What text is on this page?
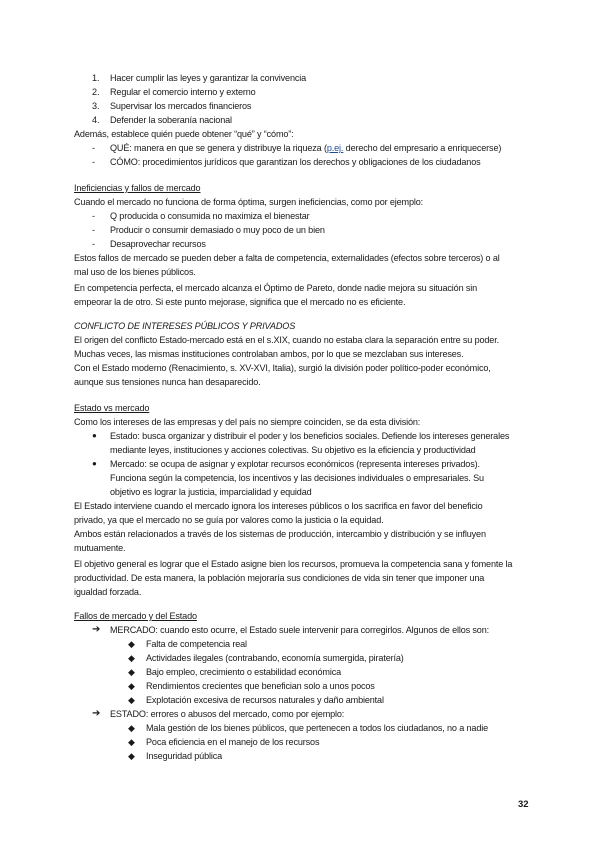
1. Hacer cumplir las leyes y garantizar la convivencia
2. Regular el comercio interno y externo
3. Supervisar los mercados financieros
4. Defender la soberanía nacional
Además, establece quién puede obtener “qué” y “cómo”:
- QUÉ: manera en que se genera y distribuye la riqueza (p.ej. derecho del empresario a enriquecerse)
- CÓMO: procedimientos jurídicos que garantizan los derechos y obligaciones de los ciudadanos
Ineficiencias y fallos de mercado
Cuando el mercado no funciona de forma óptima, surgen ineficiencias, como por ejemplo:
- Q producida o consumida no maximiza el bienestar
- Producir o consumir demasiado o muy poco de un bien
- Desaprovechar recursos
Estos fallos de mercado se pueden deber a falta de competencia, externalidades (efectos sobre terceros) o al
mal uso de los bienes públicos.
En competencia perfecta, el mercado alcanza el Óptimo de Pareto, donde nadie mejora su situación sin
empeorar la de otro. Si este punto mejorase, significa que el mercado no es eficiente.
CONFLICTO DE INTERESES PÚBLICOS Y PRIVADOS
El origen del conflicto Estado-mercado está en el s.XIX, cuando no estaba clara la separación entre su poder.
Muchas veces, las mismas instituciones controlaban ambos, por lo que se mezclaban sus intereses.
Con el Estado moderno (Renacimiento, s. XV-XVI, Italia), surgió la división poder político-poder económico,
aunque sus tensiones nunca han desaparecido.
Estado vs mercado
Como los intereses de las empresas y del país no siempre coinciden, se da esta división:
● Estado: busca organizar y distribuir el poder y los beneficios sociales. Defiende los intereses generales
mediante leyes, instituciones y acciones colectivas. Su objetivo es la eficiencia y productividad
● Mercado: se ocupa de asignar y explotar recursos económicos (representa intereses privados).
Funciona según la competencia, los incentivos y las decisiones individuales o empresariales. Su
objetivo es lograr la justicia, imparcialidad y equidad
El Estado interviene cuando el mercado ignora los intereses públicos o los sacrifica en favor del beneficio
privado, ya que el mercado no se guía por valores como la justicia o la equidad.
Ambos están relacionados a través de los sistemas de producción, intercambio y distribución y se influyen
mutuamente.
El objetivo general es lograr que el Estado asigne bien los recursos, promueva la competencia sana y fomente la
productividad. De esta manera, la población mejoraría sus condiciones de vida sin tener que imponer una
igualdad forzada.
Fallos de mercado y del Estado
➔ MERCADO: cuando esto ocurre, el Estado suele intervenir para corregirlos. Algunos de ellos son:
◆ Falta de competencia real
◆ Actividades ilegales (contrabando, economía sumergida, piratería)
◆ Bajo empleo, crecimiento o estabilidad económica
◆ Rendimientos crecientes que benefician solo a unos pocos
◆ Explotación excesiva de recursos naturales y daño ambiental
➔ ESTADO: errores o abusos del mercado, como por ejemplo:
◆ Mala gestión de los bienes públicos, que pertenecen a todos los ciudadanos, no a nadie
◆ Poca eficiencia en el manejo de los recursos
◆ Inseguridad pública
32
